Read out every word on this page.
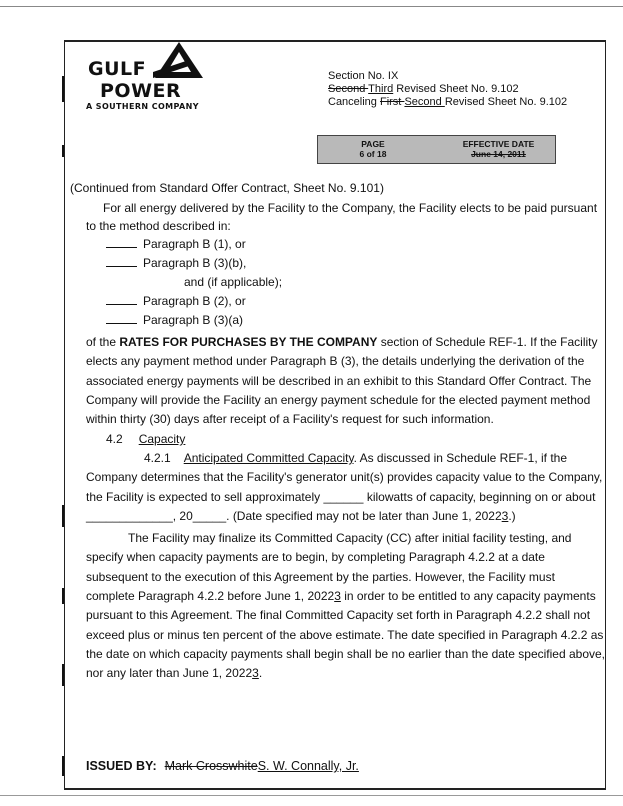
GULF
POWER
A SOUTHERN COMPANY
Section No. IX
Second Third Revised Sheet No. 9.102
Canceling First Second Revised Sheet No. 9.102
PAGE
6 of 18
EFFECTIVE DATE
June 14, 2011
(Continued from Standard Offer Contract, Sheet No. 9.101)
For all energy delivered by the Facility to the Company, the Facility elects to be paid pursuant
to the method described in:
Paragraph B (1), or
Paragraph B (3)(b),
and (if applicable);
Paragraph B (2), or
Paragraph B (3)(a)
of the RATES FOR PURCHASES BY THE COMPANY section of Schedule REF-1. If the Facility
elects any payment method under Paragraph B (3), the details underlying the derivation of the
associated energy payments will be described in an exhibit to this Standard Offer Contract. The
Company will provide the Facility an energy payment schedule for the elected payment method
within thirty (30) days after receipt of a Facility's request for such information.
4.2 Capacity
4.2.1 Anticipated Committed Capacity. As discussed in Schedule REF-1, if the
Company determines that the Facility's generator unit(s) provides capacity value to the Company,
the Facility is expected to sell approximately ______ kilowatts of capacity, beginning on or about
_____________, 20_____. (Date specified may not be later than June 1, 20223.)
The Facility may finalize its Committed Capacity (CC) after initial facility testing, and
specify when capacity payments are to begin, by completing Paragraph 4.2.2 at a date
subsequent to the execution of this Agreement by the parties. However, the Facility must
complete Paragraph 4.2.2 before June 1, 20223 in order to be entitled to any capacity payments
pursuant to this Agreement. The final Committed Capacity set forth in Paragraph 4.2.2 shall not
exceed plus or minus ten percent of the above estimate. The date specified in Paragraph 4.2.2 as
the date on which capacity payments shall begin shall be no earlier than the date specified above,
nor any later than June 1, 20223.
ISSUED BY: Mark CrosswhiteS. W. Connally, Jr.
